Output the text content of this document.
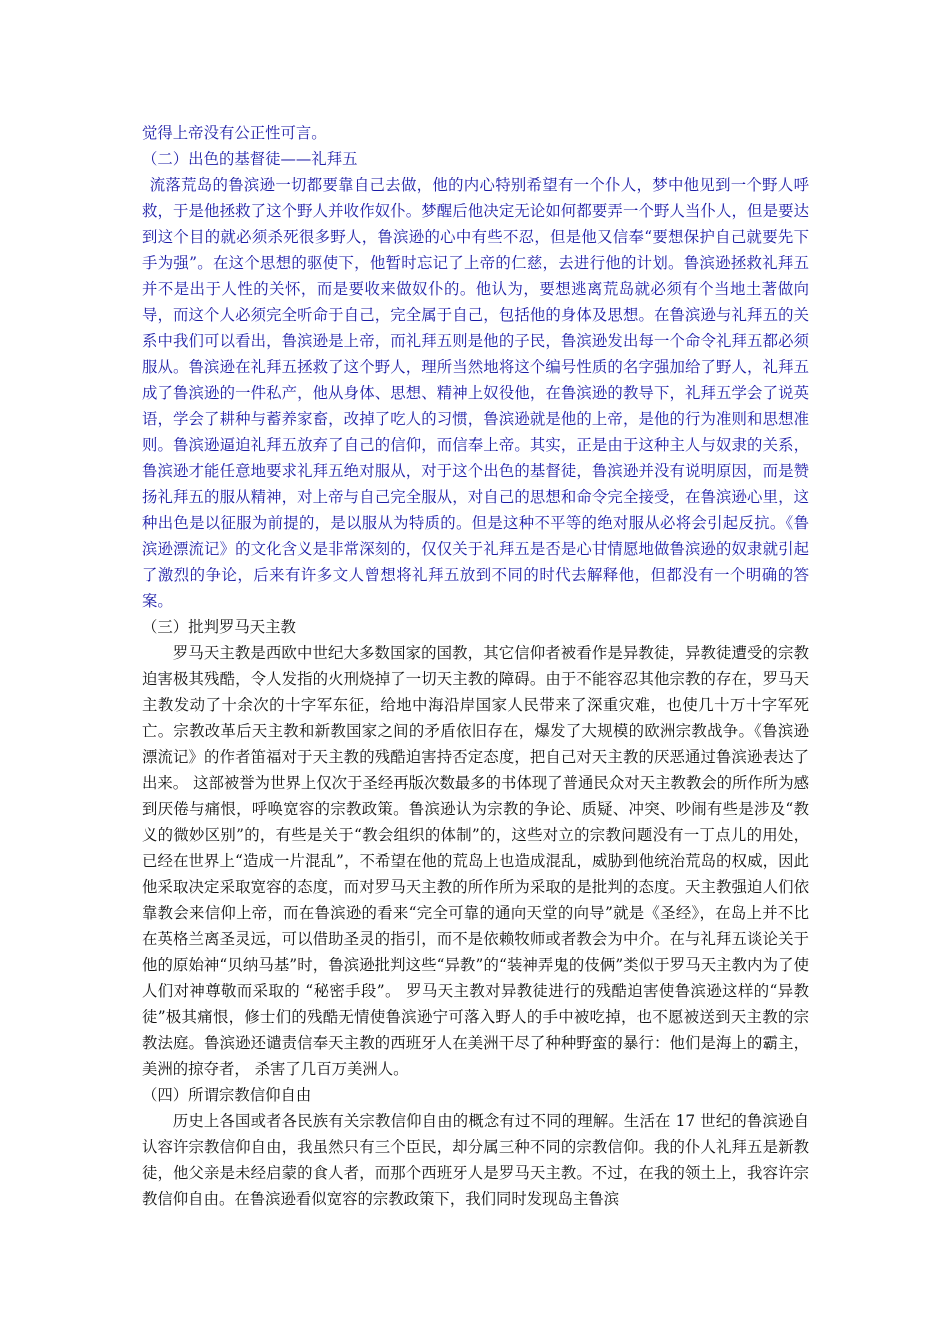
觉得上帝没有公正性可言。

（二）出色的基督徒——礼拜五

流落荒岛的鲁滨逊一切都要靠自己去做，他的内心特别希望有一个仆人，梦中他见到一个野人呼救，于是他拯救了这个野人并收作奴仆。梦醒后他决定无论如何都要弄一个野人当仆人，但是要达到这个目的就必须杀死很多野人，鲁滨逊的心中有些不忍，但是他又信奉“要想保护自己就要先下手为强”。在这个思想的驱使下，他暂时忘记了上帝的仁慈，去进行他的计划。鲁滨逊拯救礼拜五并不是出于人性的关怀，而是要收来做奴仆的。他认为，要想逃离荒岛就必须有个当地土著做向导，而这个人必须完全听命于自己，完全属于自己，包括他的身体及思想。在鲁滨逊与礼拜五的关系中我们可以看出，鲁滨逊是上帝，而礼拜五则是他的子民，鲁滨逊发出每一个命令礼拜五都必须服从。鲁滨逊在礼拜五拯救了这个野人，理所当然地将这个编号性质的名字强加给了野人，礼拜五成了鲁滨逊的一件私产，他从身体、思想、精神上奴役他，在鲁滨逊的教导下，礼拜五学会了说英语，学会了耕种与蓄养家畜，改掉了吃人的习惯，鲁滨逊就是他的上帝，是他的行为准则和思想准则。鲁滨逊逼迫礼拜五放弃了自己的信仰，而信奉上帝。其实，正是由于这种主人与奴隶的关系，鲁滨逊才能任意地要求礼拜五绝对服从，对于这个出色的基督徒，鲁滨逊并没有说明原因，而是赞扬礼拜五的服从精神，对上帝与自己完全服从，对自己的思想和命令完全接受，在鲁滨逊心里，这种出色是以征服为前提的，是以服从为特质的。但是这种不平等的绝对服从必将会引起反抗。《鲁滨逊漂流记》的文化含义是非常深刻的，仅仅关于礼拜五是否是心甘情愿地做鲁滨逊的奴隶就引起了激烈的争论，后来有许多文人曾想将礼拜五放到不同的时代去解释他，但都没有一个明确的答案。

（三）批判罗马天主教

罗马天主教是西欧中世纪大多数国家的国教，其它信仰者被看作是异教徒，异教徒遭受的宗教迫害极其残酷，令人发指的火刑烧掉了一切天主教的障碍。由于不能容忍其他宗教的存在，罗马天主教发动了十余次的十字军东征，给地中海沿岸国家人民带来了深重灾难，也使几十万十字军死亡。宗教改革后天主教和新教国家之间的矛盾依旧存在，爆发了大规模的欧洲宗教战争。《鲁滨逊漂流记》的作者笛福对于天主教的残酷迫害持否定态度，把自己对天主教的厌恶通过鲁滨逊表达了出来。 这部被誉为世界上仅次于圣经再版次数最多的书体现了普通民众对天主教教会的所作所为感到厌倦与痛恨，呼唤宽容的宗教政策。鲁滨逊认为宗教的争论、质疑、冲突、吵闹有些是涉及“教义的微妙区别”的，有些是关于“教会组织的体制”的，这些对立的宗教问题没有一丁点儿的用处，已经在世界上“造成一片混乱”，不希望在他的荒岛上也造成混乱，威胁到他统治荒岛的权威，因此他采取决定采取宽容的态度，而对罗马天主教的所作所为采取的是批判的态度。天主教强迫人们依靠教会来信仰上帝，而在鲁滨逊的看来“完全可靠的通向天堂的向导”就是《圣经》，在岛上并不比在英格兰离圣灵远，可以借助圣灵的指引，而不是依赖牧师或者教会为中介。在与礼拜五谈论关于他的原始神“贝纳马基”时，鲁滨逊批判这些“异教”的“装神弄鬼的伎俩”类似于罗马天主教内为了使人们对神尊敬而采取的 “秘密手段”。 罗马天主教对异教徒进行的残酷迫害使鲁滨逊这样的“异教徒”极其痛恨，修士们的残酷无情使鲁滨逊宁可落入野人的手中被吃掉，也不愿被送到天主教的宗教法庭。鲁滨逊还谴责信奉天主教的西班牙人在美洲干尽了种种野蛮的暴行：他们是海上的霸主，美洲的掠夺者， 杀害了几百万美洲人。

（四）所谓宗教信仰自由

历史上各国或者各民族有关宗教信仰自由的概念有过不同的理解。生活在 17 世纪的鲁滨逊自认容许宗教信仰自由，我虽然只有三个臣民，却分属三种不同的宗教信仰。我的仆人礼拜五是新教徒，他父亲是未经启蒙的食人者，而那个西班牙人是罗马天主教。不过，在我的领土上，我容许宗教信仰自由。在鲁滨逊看似宽容的宗教政策下，我们同时发现岛主鲁滨
